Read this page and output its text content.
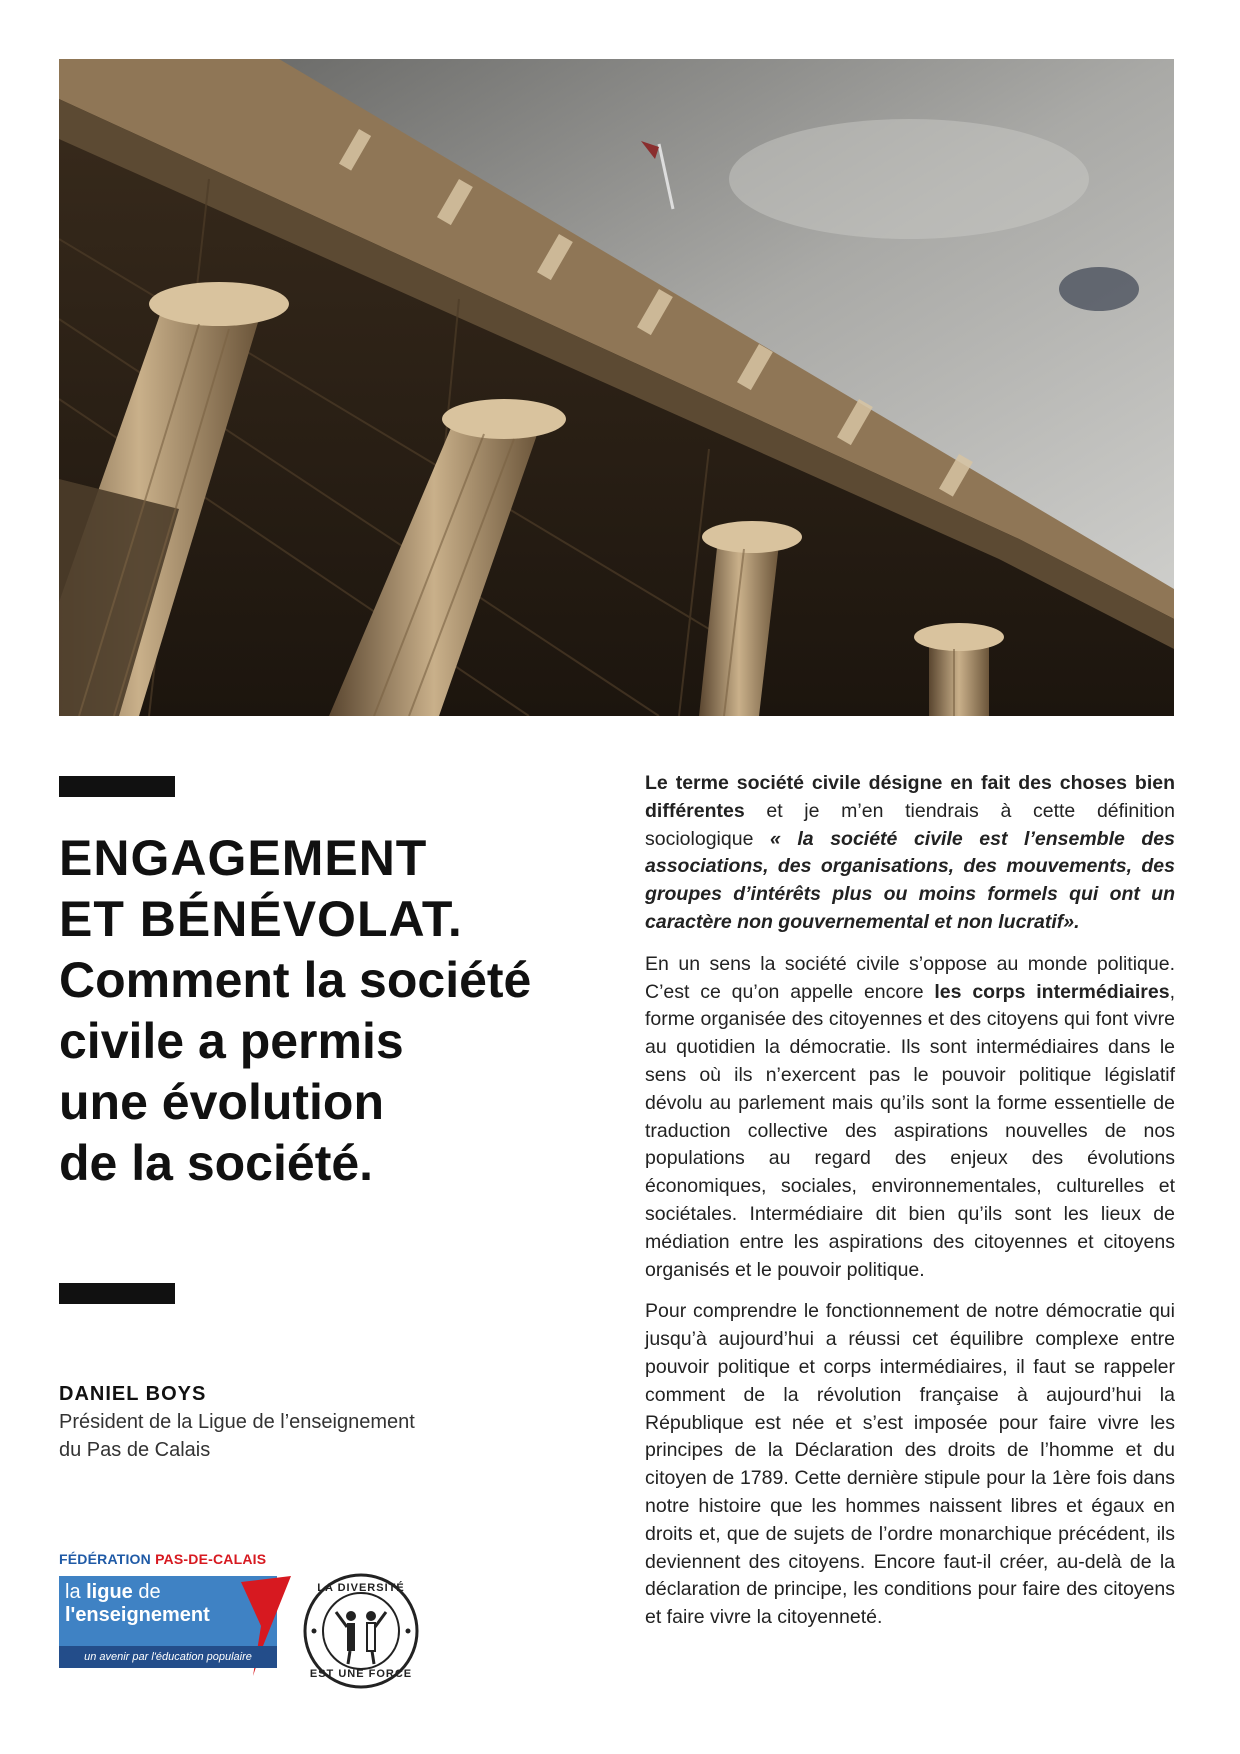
ENGAGEMENT
ET BÉNÉVOLAT.
Comment la société
civile a permis
une évolution
de la société.
DANIEL BOYS
Président de la Ligue de l’enseignement
du Pas de Calais
FÉDÉRATION PAS-DE-CALAIS
la ligue de
l'enseignement
un avenir par l'éducation populaire
LA DIVERSITÉ
EST UNE FORCE

Le terme société civile désigne en fait des choses bien différentes et je m’en tiendrais à cette définition sociologique « la société civile est l’ensemble des associations, des organisations, des mouvements, des groupes d’intérêts plus ou moins formels qui ont un caractère non gouvernemental et non lucratif».

En un sens la société civile s’oppose au monde politique. C’est ce qu’on appelle encore les corps intermédiaires, forme organisée des citoyennes et des citoyens qui font vivre au quotidien la démocratie. Ils sont intermédiaires dans le sens où ils n’exercent pas le pouvoir politique législatif dévolu au parlement mais qu’ils sont la forme essentielle de traduction collective des aspirations nouvelles de nos populations au regard des enjeux des évolutions économiques, sociales, environnementales, culturelles et sociétales. Intermédiaire dit bien qu’ils sont les lieux de médiation entre les aspirations des citoyennes et citoyens organisés et le pouvoir politique.

Pour comprendre le fonctionnement de notre démocratie qui jusqu’à aujourd’hui a réussi cet équilibre complexe entre pouvoir politique et corps intermédiaires, il faut se rappeler comment de la révolution française à aujourd’hui la République est née et s’est imposée pour faire vivre les principes de la Déclaration des droits de l’homme et du citoyen de 1789. Cette dernière stipule pour la 1ère fois dans notre histoire que les hommes naissent libres et égaux en droits et, que de sujets de l’ordre monarchique précédent, ils deviennent des citoyens. Encore faut-il créer, au-delà de la déclaration de principe, les conditions pour faire des citoyens et faire vivre la citoyenneté.
